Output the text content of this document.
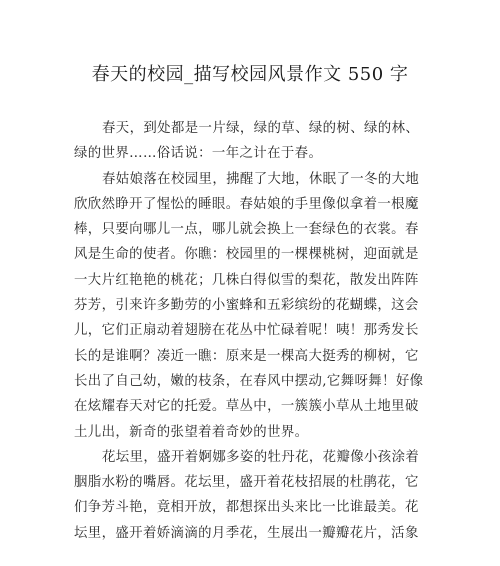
春天的校园_描写校园风景作文 550 字
春天，到处都是一片绿，绿的草、绿的树、绿的林、
绿的世界……俗话说：一年之计在于春。
春姑娘落在校园里，拂醒了大地，休眠了一冬的大地
欣欣然睁开了惺忪的睡眼。春姑娘的手里像似拿着一根魔
棒，只要向哪儿一点，哪儿就会换上一套绿色的衣裳。春
风是生命的使者。你瞧：校园里的一棵棵桃树，迎面就是
一大片红艳艳的桃花；几株白得似雪的梨花，散发出阵阵
芬芳，引来许多勤劳的小蜜蜂和五彩缤纷的花蝴蝶，这会
儿，它们正扇动着翅膀在花丛中忙碌着呢！咦！那秀发长
长的是谁啊？凑近一瞧：原来是一棵高大挺秀的柳树，它
长出了自己幼，嫩的枝条，在春风中摆动,它舞呀舞！好像
在炫耀春天对它的托爱。草丛中，一簇簇小草从土地里破
土儿出，新奇的张望着着奇妙的世界。
花坛里，盛开着婀娜多姿的牡丹花，花瓣像小孩涂着
胭脂水粉的嘴唇。花坛里，盛开着花枝招展的杜鹃花，它
们争芳斗艳，竟相开放，都想探出头来比一比谁最美。花
坛里，盛开着娇滴滴的月季花，生展出一瓣瓣花片，活象
